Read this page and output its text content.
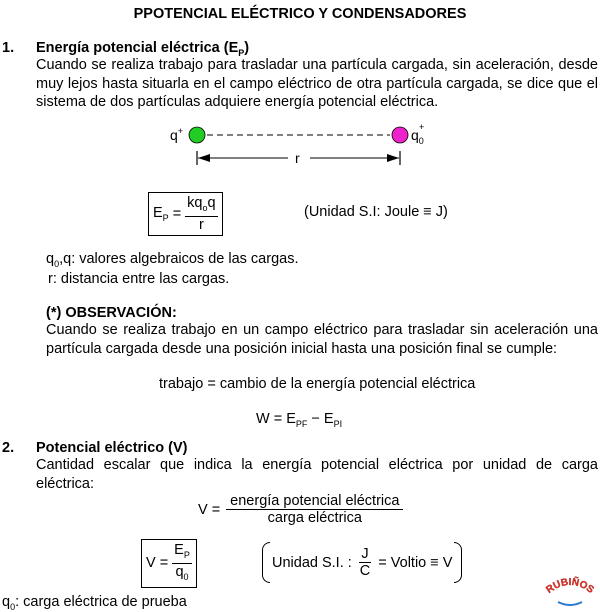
PPOTENCIAL ELÉCTRICO Y CONDENSADORES
1. Energía potencial eléctrica $(E_P)$
Cuando se realiza trabajo para trasladar una partícula cargada, sin aceleración, desde muy lejos hasta situarla en el campo eléctrico de otra partícula cargada, se dice que el sistema de dos partículas adquiere energía potencial eléctrica.
q+	$q_0$
+
r
$E_P = \frac{kq_oq}{r}$	(Unidad S.I: Joule ≡ J)
$q_0,q$: valores algebraicos de las cargas.
r: distancia entre las cargas.
(*) OBSERVACIÓN:
Cuando se realiza trabajo en un campo eléctrico para trasladar sin aceleración una partícula cargada desde una posición inicial hasta una posición final se cumple:
trabajo = cambio de la energía potencial eléctrica
$W = E_{PF} - E_{PI}$
2. Potencial eléctrico (V)
Cantidad escalar que indica la energía potencial eléctrica por unidad de carga eléctrica:
$V = \frac{\text{energía potencial eléctrica}}{\text{carga eléctrica}}$
$V = \frac{E_P}{q_0}$	Unidad S.I. : $\frac{J}{C}$ = Voltio ≡ V
$q_0$: carga eléctrica de prueba
RUBIÑOS
